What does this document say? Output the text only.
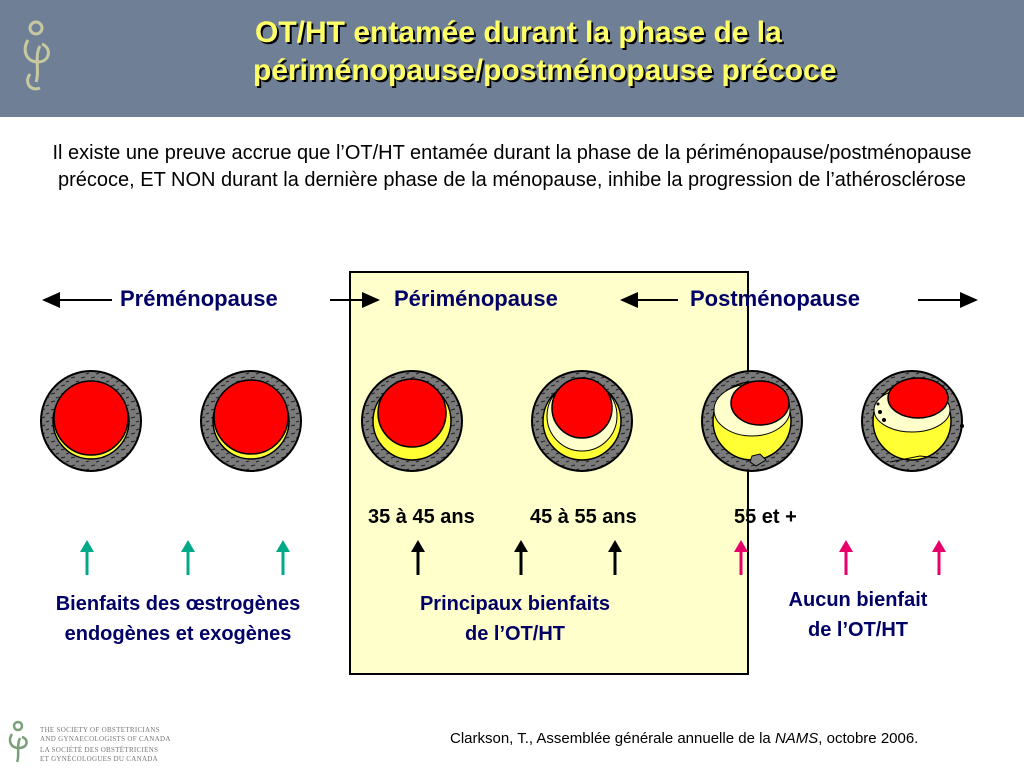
OT/HT entamée durant la phase de la
périménopause/postménopause précoce
Il existe une preuve accrue que l’OT/HT entamée durant la phase de la périménopause/postménopause précoce, ET NON durant la dernière phase de la ménopause, inhibe la progression de l’athérosclérose
Préménopause	Périménopause	Postménopause
35 à 45 ans	45 à 55 ans	55 et +
Bienfaits des œstrogènes
endogènes et exogènes
Principaux bienfaits
de l’OT/HT
Aucun bienfait
de l’OT/HT
THE SOCIETY OF OBSTETRICIANS
AND GYNAECOLOGISTS OF CANADA
LA SOCIÉTÉ DES OBSTÉTRICIENS
ET GYNÉCOLOGUES DU CANADA
Clarkson, T., Assemblée générale annuelle de la NAMS, octobre 2006.
